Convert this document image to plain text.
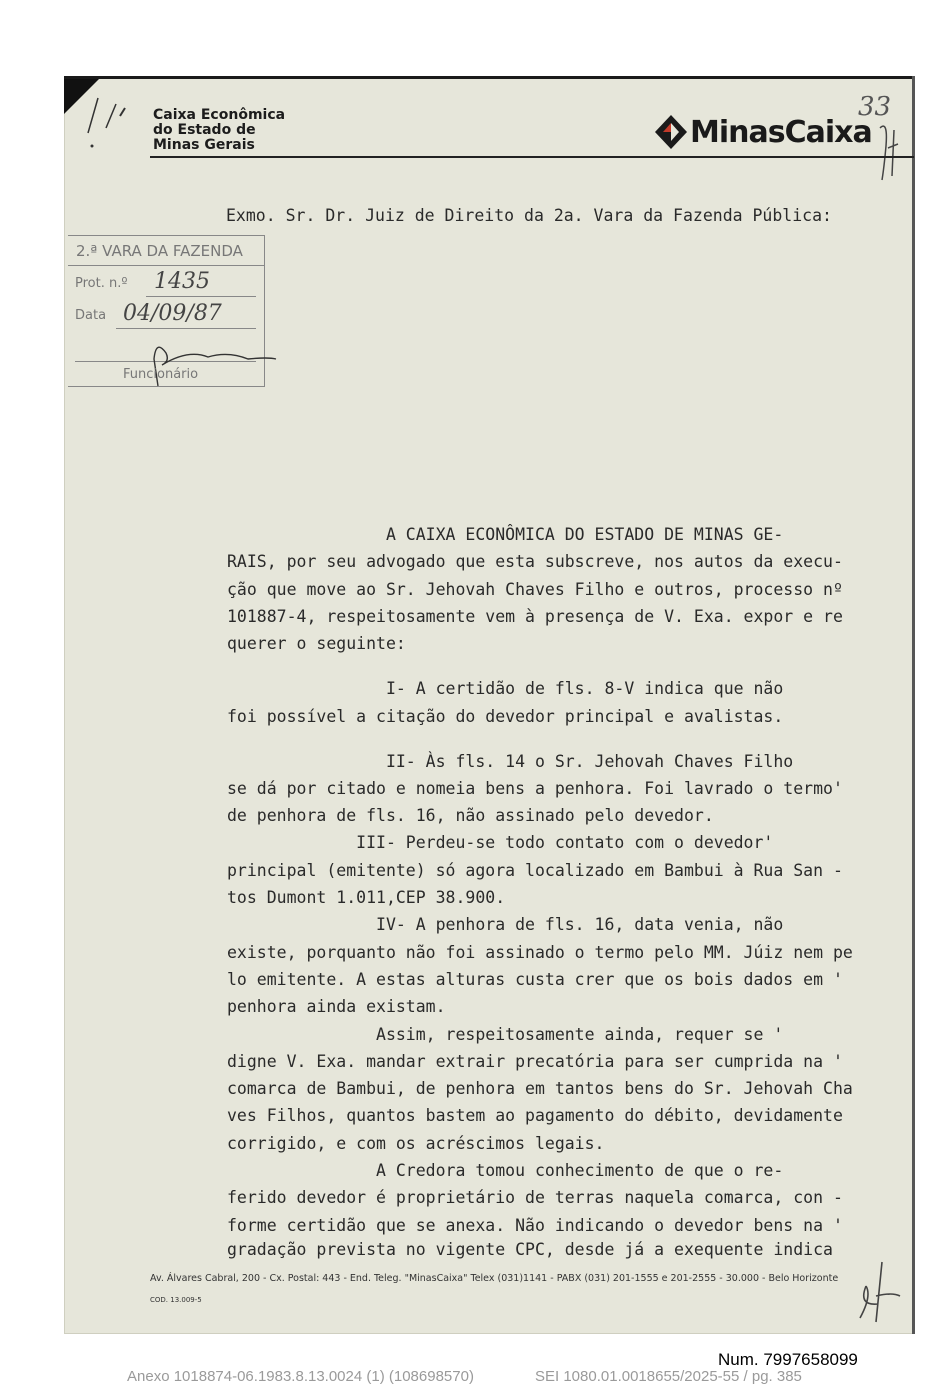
Caixa Econômica
do Estado de
Minas Gerais	MinasCaixa
33
Exmo. Sr. Dr. Juiz de Direito da 2a. Vara da Fazenda Pública:
2.ª VARA DA FAZENDA
Prot. n.º 1435
Data 04/09/87
Funcionário
A CAIXA ECONÔMICA DO ESTADO DE MINAS GE-
RAIS, por seu advogado que esta subscreve, nos autos da execu-
ção que move ao Sr. Jehovah Chaves Filho e outros, processo nº
101887-4, respeitosamente vem à presença de V. Exa. expor e re
querer o seguinte:
I- A certidão de fls. 8-V indica que não
foi possível a citação do devedor principal e avalistas.
II- Às fls. 14 o Sr. Jehovah Chaves Filho
se dá por citado e nomeia bens a penhora. Foi lavrado o termo'
de penhora de fls. 16, não assinado pelo devedor.
III- Perdeu-se todo contato com o devedor'
principal (emitente) só agora localizado em Bambui à Rua San -
tos Dumont 1.011,CEP 38.900.
IV- A penhora de fls. 16, data venia, não
existe, porquanto não foi assinado o termo pelo MM. Júiz nem pe
lo emitente. A estas alturas custa crer que os bois dados em '
penhora ainda existam.
Assim, respeitosamente ainda, requer se '
digne V. Exa. mandar extrair precatória para ser cumprida na '
comarca de Bambui, de penhora em tantos bens do Sr. Jehovah Cha
ves Filhos, quantos bastem ao pagamento do débito, devidamente
corrigido, e com os acréscimos legais.
A Credora tomou conhecimento de que o re-
ferido devedor é proprietário de terras naquela comarca, con -
forme certidão que se anexa. Não indicando o devedor bens na '
gradação prevista no vigente CPC, desde já a exequente indica
Av. Álvares Cabral, 200 - Cx. Postal: 443 - End. Teleg. "MinasCaixa" Telex (031)1141 - PABX (031) 201-1555 e 201-2555 - 30.000 - Belo Horizonte
COD. 13.009-5
Num. 7997658099
Anexo 1018874-06.1983.8.13.0024 (1) (108698570)	SEI 1080.01.0018655/2025-55 / pg. 385
